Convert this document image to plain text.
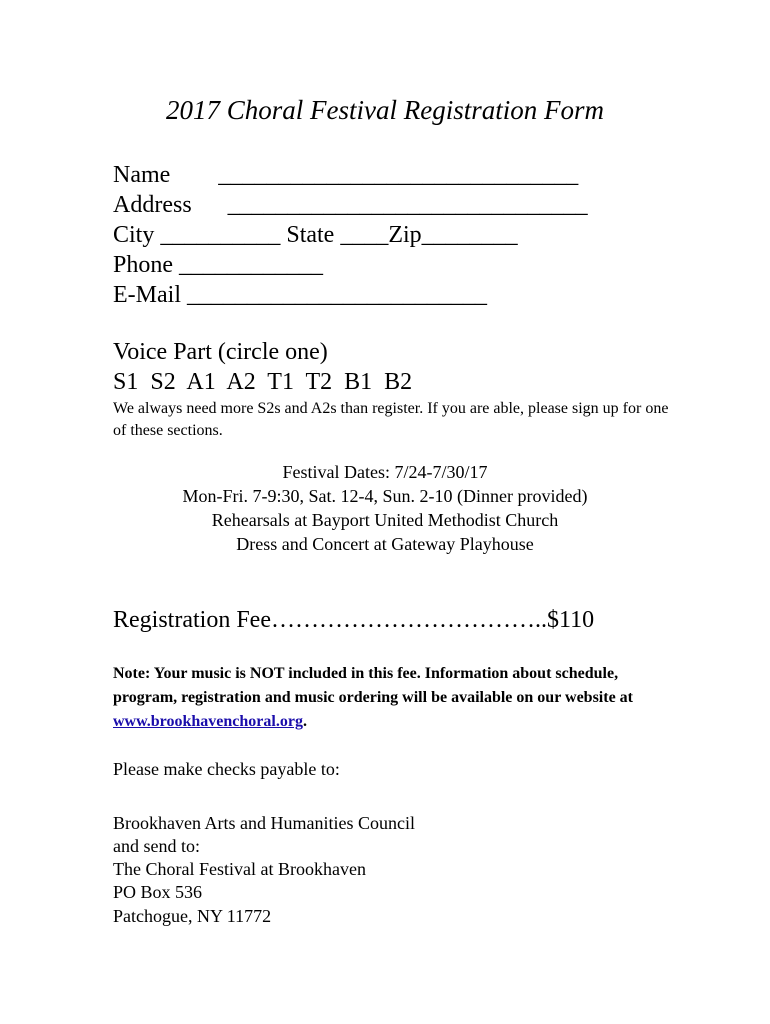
2017 Choral Festival Registration Form
Name        ______________________________
Address      ______________________________
City __________ State ____Zip________
Phone ____________
E-Mail _________________________
Voice Part (circle one)
S1  S2  A1  A2  T1  T2  B1  B2
We always need more S2s and A2s than register. If you are able, please sign up for one of these sections.
Festival Dates: 7/24-7/30/17
Mon-Fri. 7-9:30, Sat. 12-4, Sun. 2-10 (Dinner provided)
Rehearsals at Bayport United Methodist Church
Dress and Concert at Gateway Playhouse
Registration Fee……………………………..$110
Note: Your music is NOT included in this fee. Information about schedule, program, registration and music ordering will be available on our website at www.brookhavenchoral.org.
Please make checks payable to:
Brookhaven Arts and Humanities Council
and send to:
The Choral Festival at Brookhaven
PO Box 536
Patchogue, NY 11772
